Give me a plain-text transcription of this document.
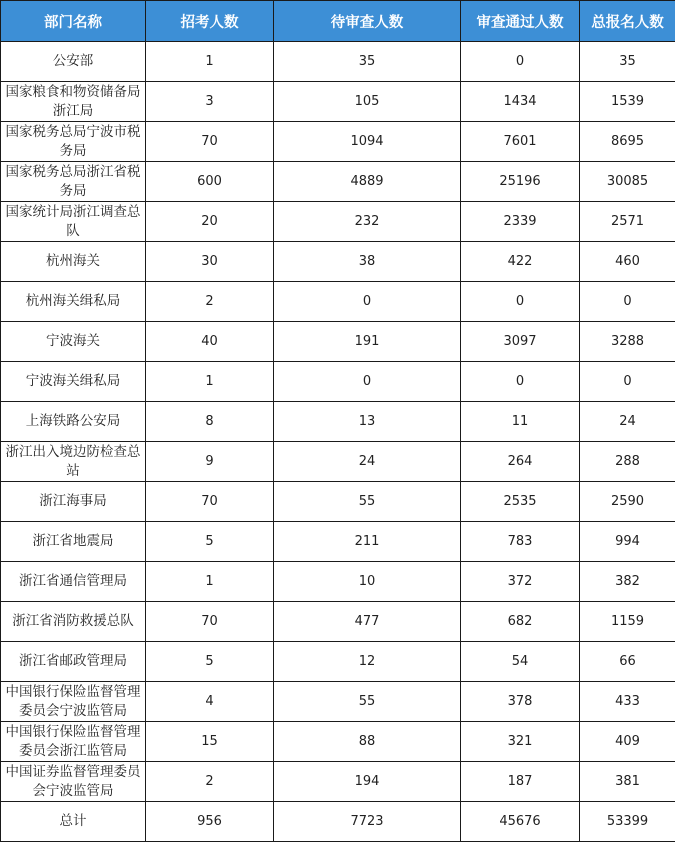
部门名称	招考人数	待审查人数	审查通过人数	总报名人数
公安部	1	35	0	35
国家粮食和物资储备局浙江局	3	105	1434	1539
国家税务总局宁波市税务局	70	1094	7601	8695
国家税务总局浙江省税务局	600	4889	25196	30085
国家统计局浙江调查总队	20	232	2339	2571
杭州海关	30	38	422	460
杭州海关缉私局	2	0	0	0
宁波海关	40	191	3097	3288
宁波海关缉私局	1	0	0	0
上海铁路公安局	8	13	11	24
浙江出入境边防检查总站	9	24	264	288
浙江海事局	70	55	2535	2590
浙江省地震局	5	211	783	994
浙江省通信管理局	1	10	372	382
浙江省消防救援总队	70	477	682	1159
浙江省邮政管理局	5	12	54	66
中国银行保险监督管理委员会宁波监管局	4	55	378	433
中国银行保险监督管理委员会浙江监管局	15	88	321	409
中国证券监督管理委员会宁波监管局	2	194	187	381
总计	956	7723	45676	53399
